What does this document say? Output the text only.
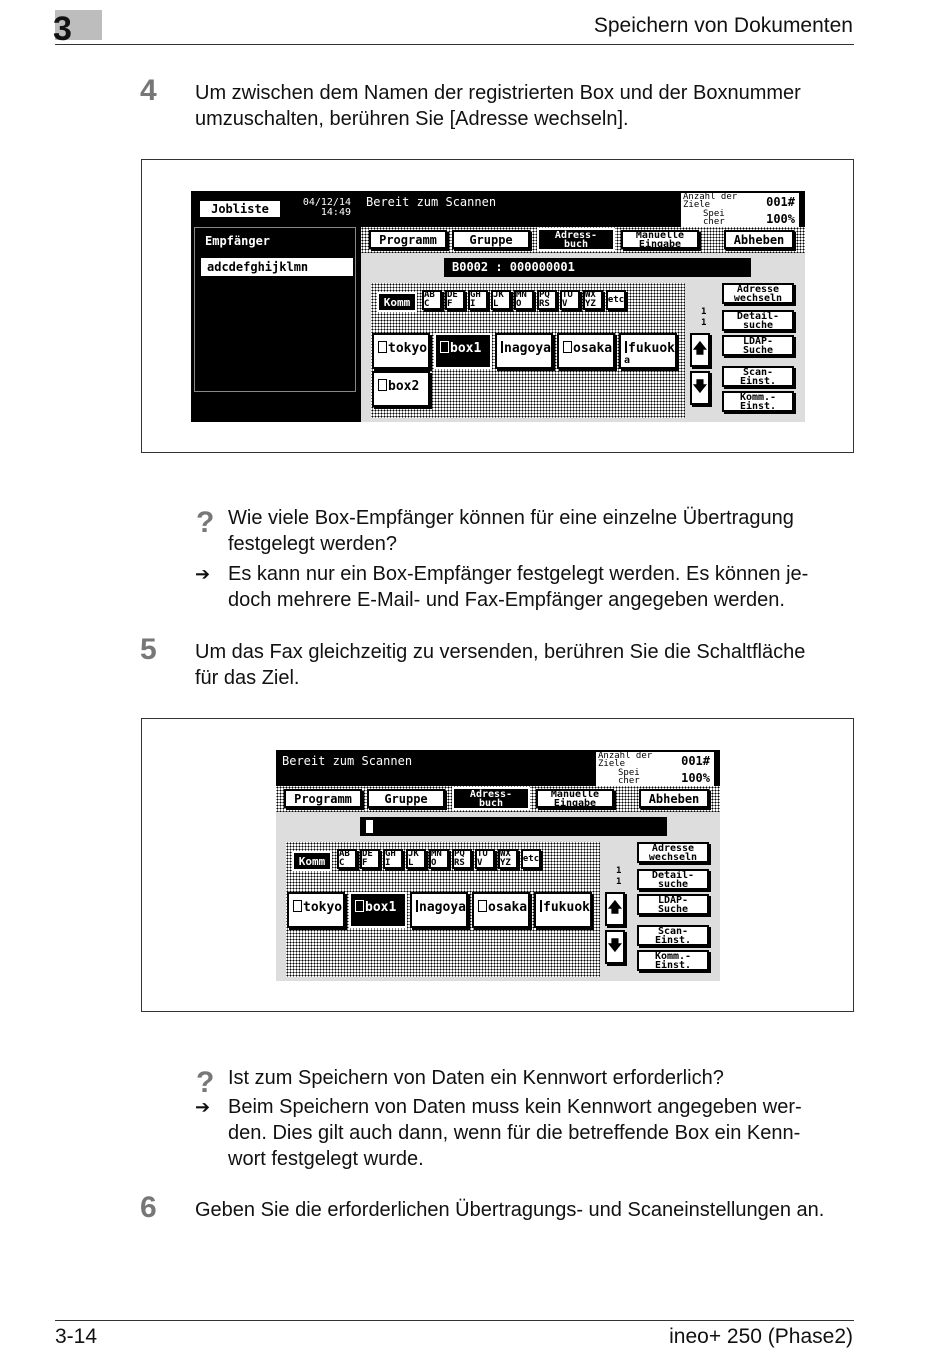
3	Speichern von Dokumenten
4 Um zwischen dem Namen der registrierten Box und der Boxnummer
umzuschalten, berühren Sie [Adresse wechseln].
Jobliste	04/12/14
14:49
Empfänger
adcdefghijklmn
Bereit zum Scannen	Anzahl der
Ziele	001#
Spei
cher	100%
Programm	Gruppe	Adress-
buch
Manuelle
Eingabe	Abheben
B0002 : 000000001
Komm
AB C
DE F
GH I
JK L
MN O
PQ RS
TU V
WX YZ	etc
1
1
tokyo box1 nagoya osaka fukuok
a
box2
🡅
🡇
Adresse
wechseln
Detail-
suche
LDAP-
Suche
Scan-
Einst.
Komm.-
Einst.
? Wie viele Box-Empfänger können für eine einzelne Übertragung
festgelegt werden?
➔ Es kann nur ein Box-Empfänger festgelegt werden. Es können je-
doch mehrere E-Mail- und Fax-Empfänger angegeben werden.
5 Um das Fax gleichzeitig zu versenden, berühren Sie die Schaltfläche
für das Ziel.
Bereit zum Scannen	Anzahl der
Ziele	001#
Spei
cher	100%
Programm	Gruppe	Adress-
buch
Manuelle
Eingabe	Abheben
Komm
AB C
DE F
GH I
JK L
MN O
PQ RS
TU V
WX YZ	etc
1
1
tokyo box1 nagoya osaka fukuok 🡅
🡇
Adresse
wechseln
Detail-
suche
LDAP-
Suche
Scan-
Einst.
Komm.-
Einst.
? Ist zum Speichern von Daten ein Kennwort erforderlich?
➔ Beim Speichern von Daten muss kein Kennwort angegeben wer-
den. Dies gilt auch dann, wenn für die betreffende Box ein Kenn-
wort festgelegt wurde.
6 Geben Sie die erforderlichen Übertragungs- und Scaneinstellungen an.
3-14	ineo+ 250 (Phase2)
